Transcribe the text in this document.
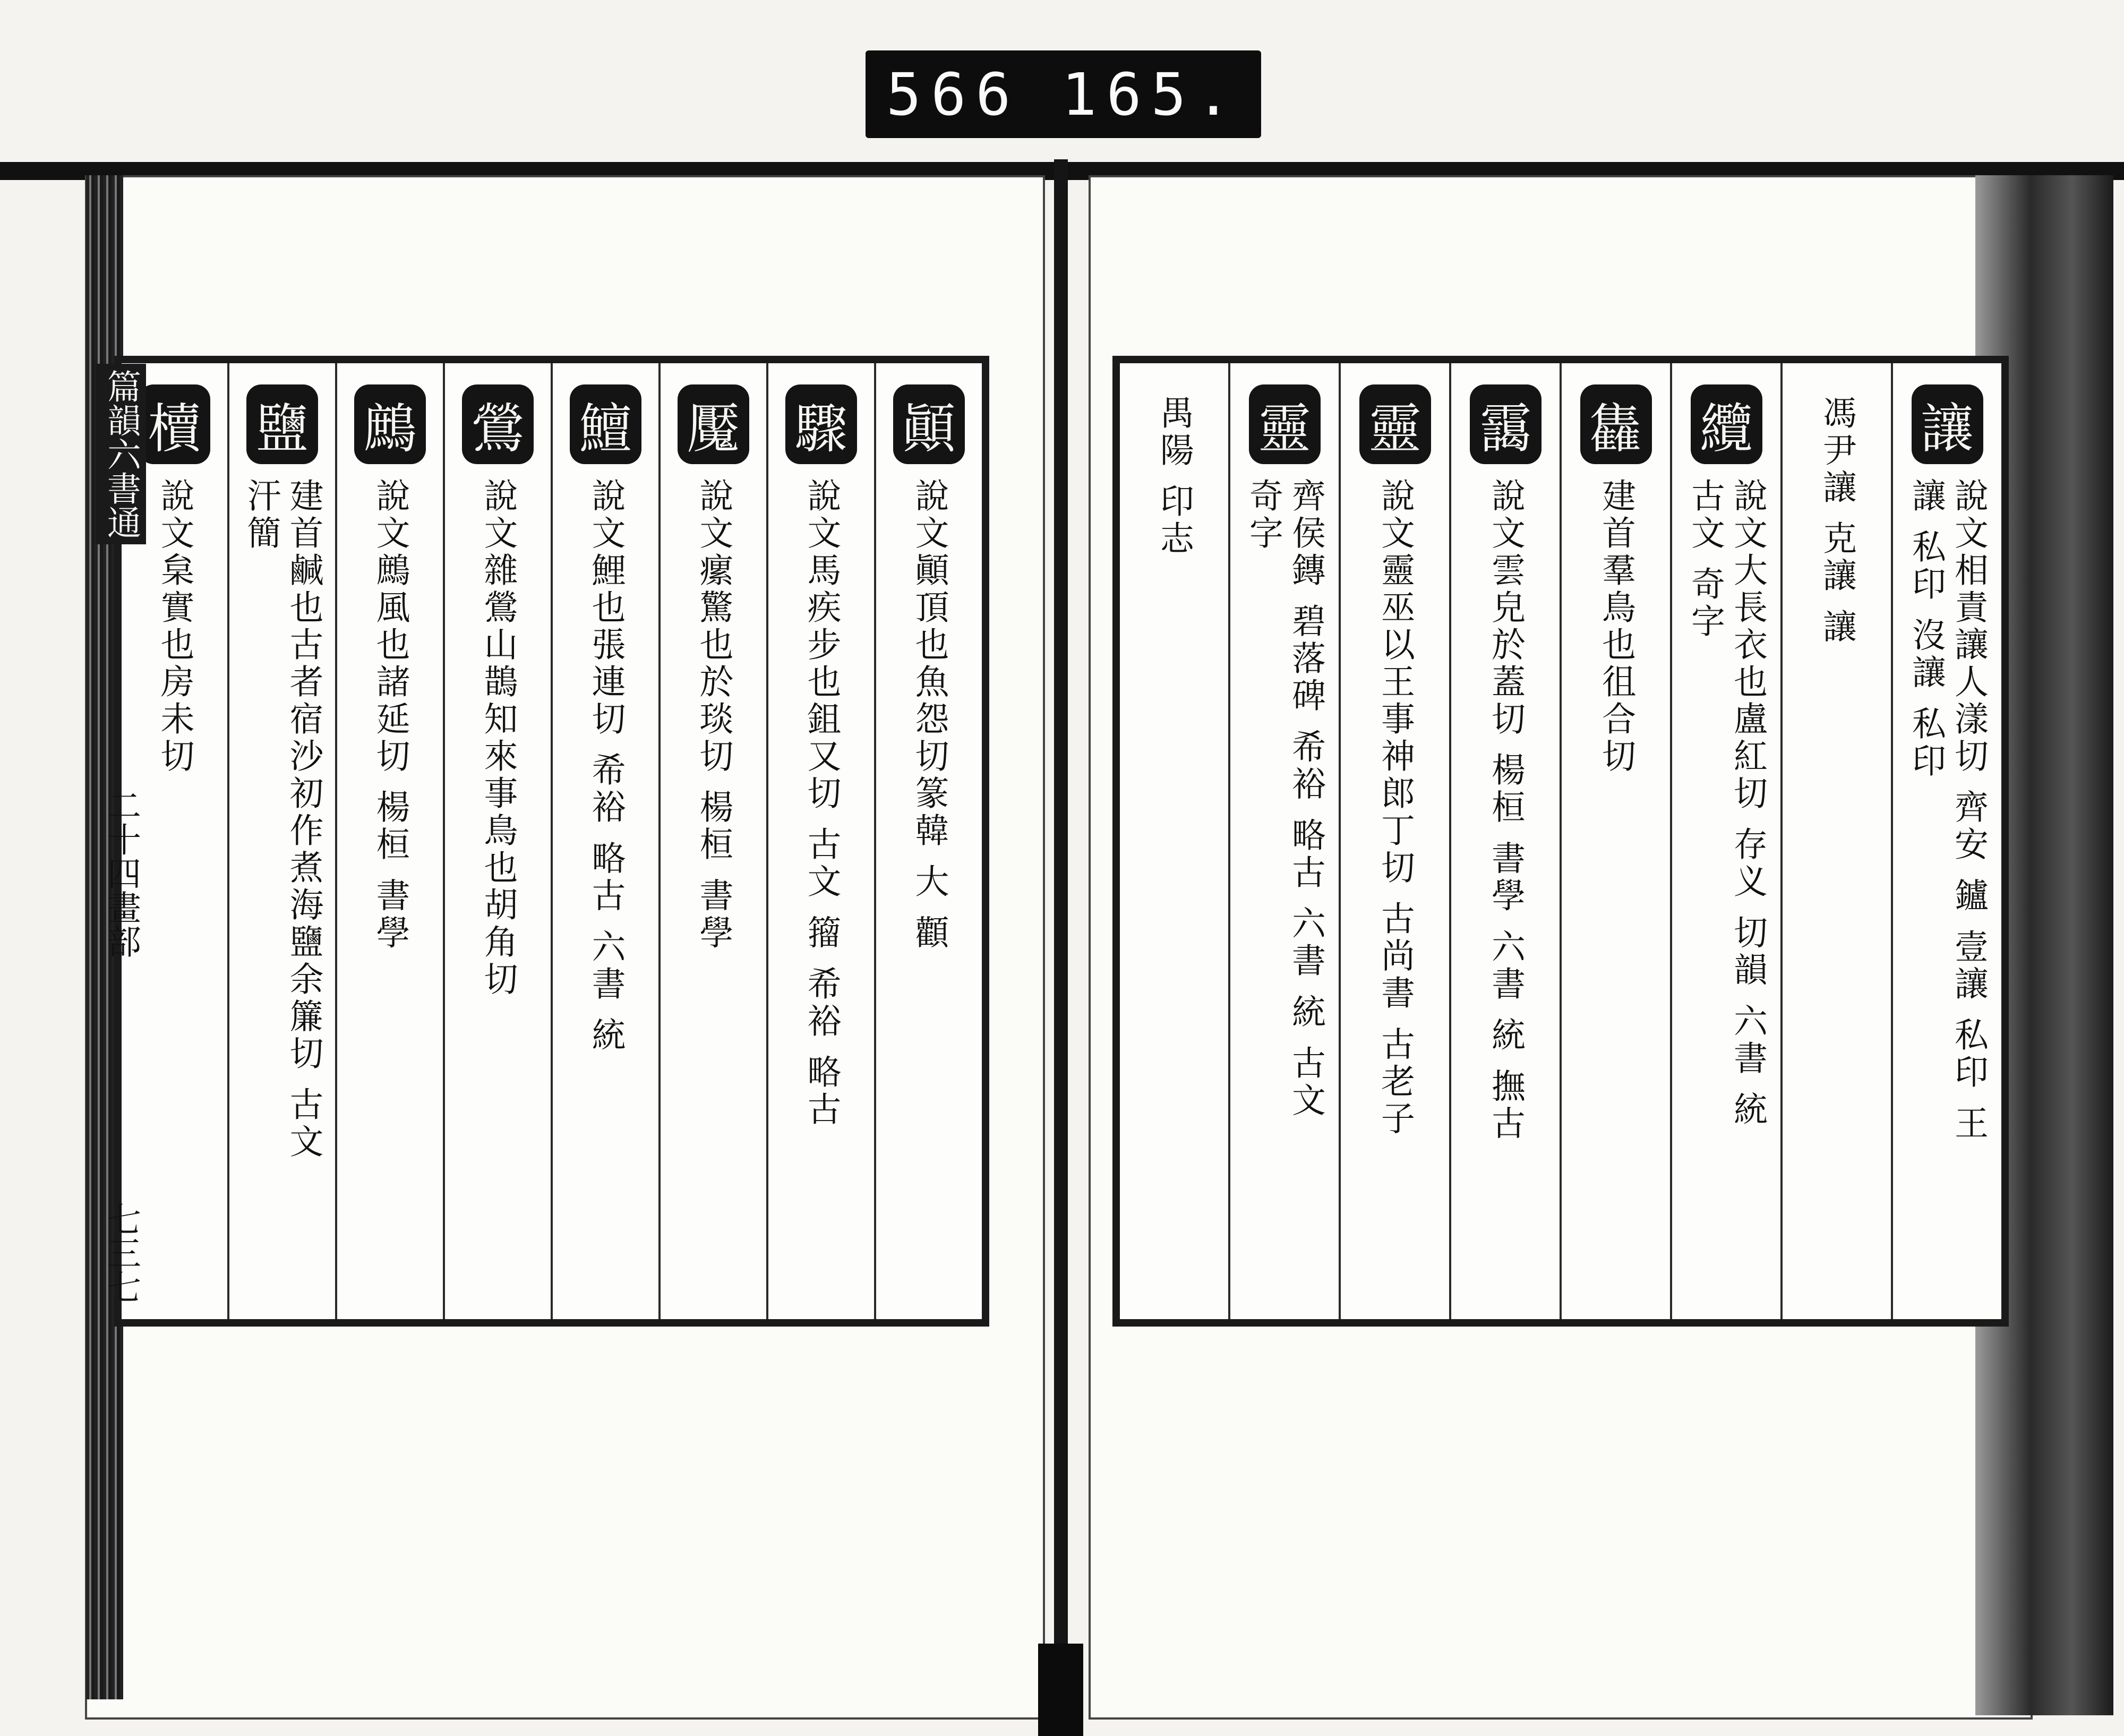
566 165.
顚
說文顚頂也魚怨切篆韓 大 顴
驟
說文馬疾步也鉏又切 古文 籀 希裕 略古
魘
說文瘰驚也於琰切 楊桓 書學
鱣
說文鯉也張連切 希裕 略古 六書 統
鶯
說文雜鶯山鵲知來事鳥也胡角切
鷓
說文鷓風也諸延切 楊桓 書學
鹽
建首鹹也古者宿沙初作煮海鹽余簾切 古文 汗簡
櫝
說文枲實也房未切
篇韻六書通
二十四畫部
七三七
讓
說文相責讓人漾切 齊安 鑪 壹讓 私印 王讓 私印 沒讓 私印
馮尹讓 克讓 讓
纜
說文大長衣也盧紅切 存义 切韻 六書 統 古文 奇字
雥
建首羣鳥也徂合切
靄
說文雲皃於蓋切 楊桓 書學 六書 統 撫古
靈
說文靈巫以王事神郎丁切 古尚書 古老子
靈
齊侯鏄 碧落碑 希裕 略古 六書 統 古文 奇字
禺陽 印志
